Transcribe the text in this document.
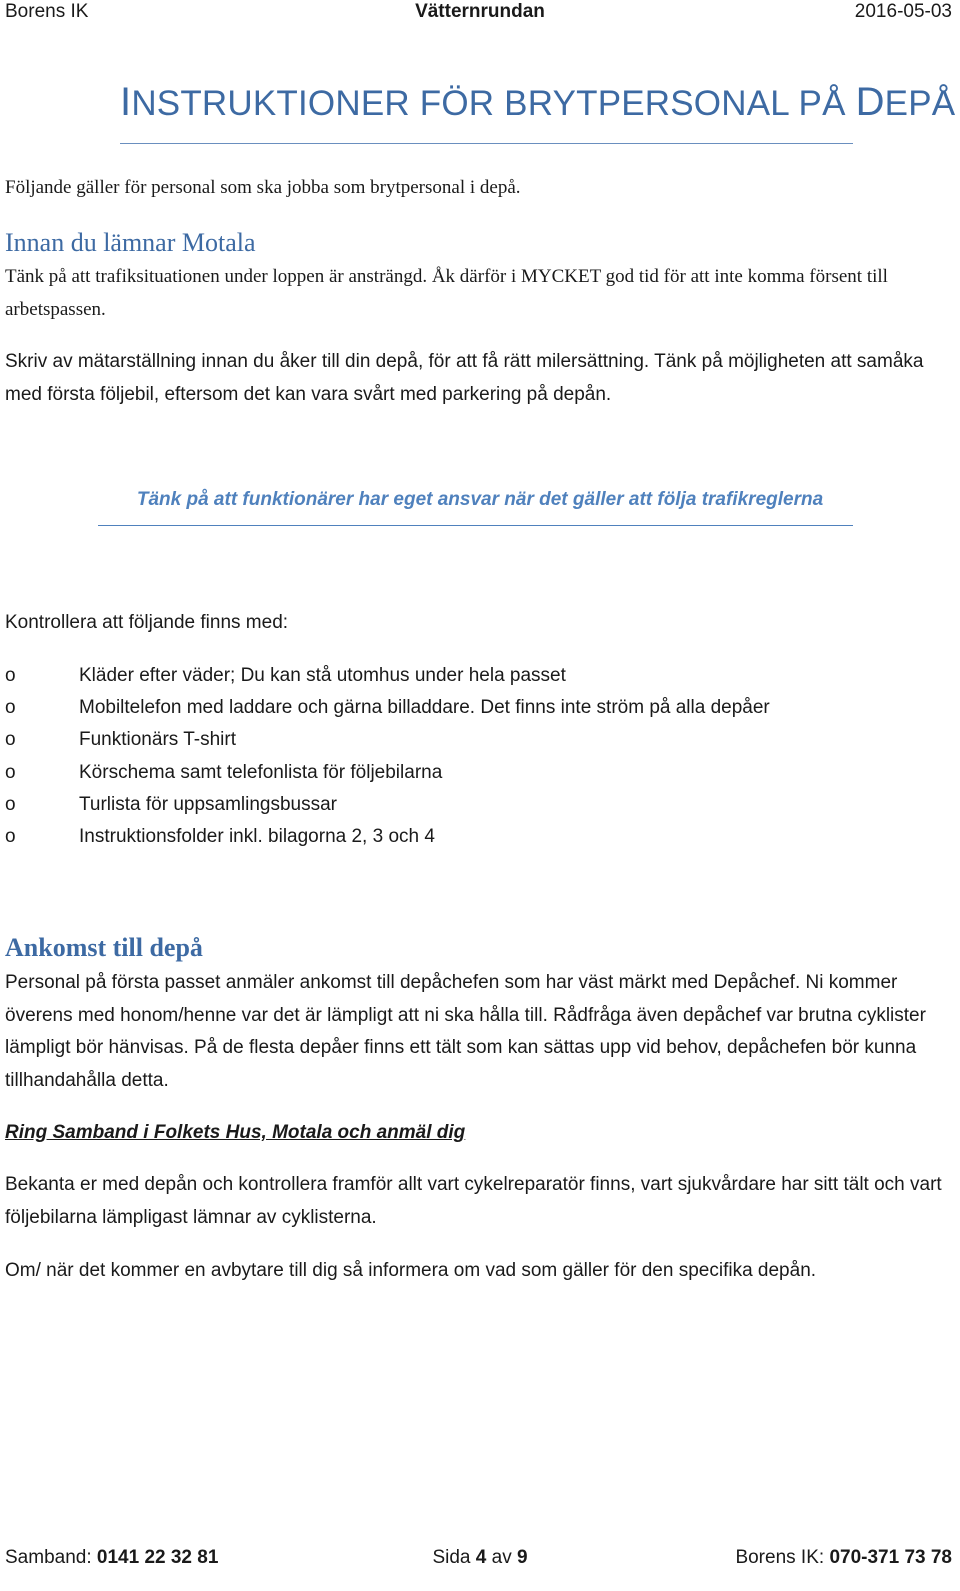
Borens IK	Vätternrundan	2016-05-03
INSTRUKTIONER FÖR BRYTPERSONAL PÅ DEPÅ
Följande gäller för personal som ska jobba som brytpersonal i depå.
Innan du lämnar Motala
Tänk på att trafiksituationen under loppen är ansträngd. Åk därför i MYCKET god tid för att inte komma försent till arbetspassen.
Skriv av mätarställning innan du åker till din depå, för att få rätt milersättning. Tänk på möjligheten att samåka med första följebil, eftersom det kan vara svårt med parkering på depån.
Tänk på att funktionärer har eget ansvar när det gäller att följa trafikreglerna
Kontrollera att följande finns med:
o	Kläder efter väder; Du kan stå utomhus under hela passet
o	Mobiltelefon med laddare och gärna billaddare. Det finns inte ström på alla depåer
o	Funktionärs T-shirt
o	Körschema samt telefonlista för följebilarna
o	Turlista för uppsamlingsbussar
o	Instruktionsfolder inkl. bilagorna 2, 3 och 4
Ankomst till depå
Personal på första passet anmäler ankomst till depåchefen som har väst märkt med Depåchef. Ni kommer överens med honom/henne var det är lämpligt att ni ska hålla till. Rådfråga även depåchef var brutna cyklister lämpligt bör hänvisas. På de flesta depåer finns ett tält som kan sättas upp vid behov, depåchefen bör kunna tillhandahålla detta.
Ring Samband i Folkets Hus, Motala och anmäl dig
Bekanta er med depån och kontrollera framför allt vart cykelreparatör finns, vart sjukvårdare har sitt tält och vart följebilarna lämpligast lämnar av cyklisterna.
Om/ när det kommer en avbytare till dig så informera om vad som gäller för den specifika depån.
Samband: 0141 22 32 81	Sida 4 av 9	Borens IK: 070-371 73 78
